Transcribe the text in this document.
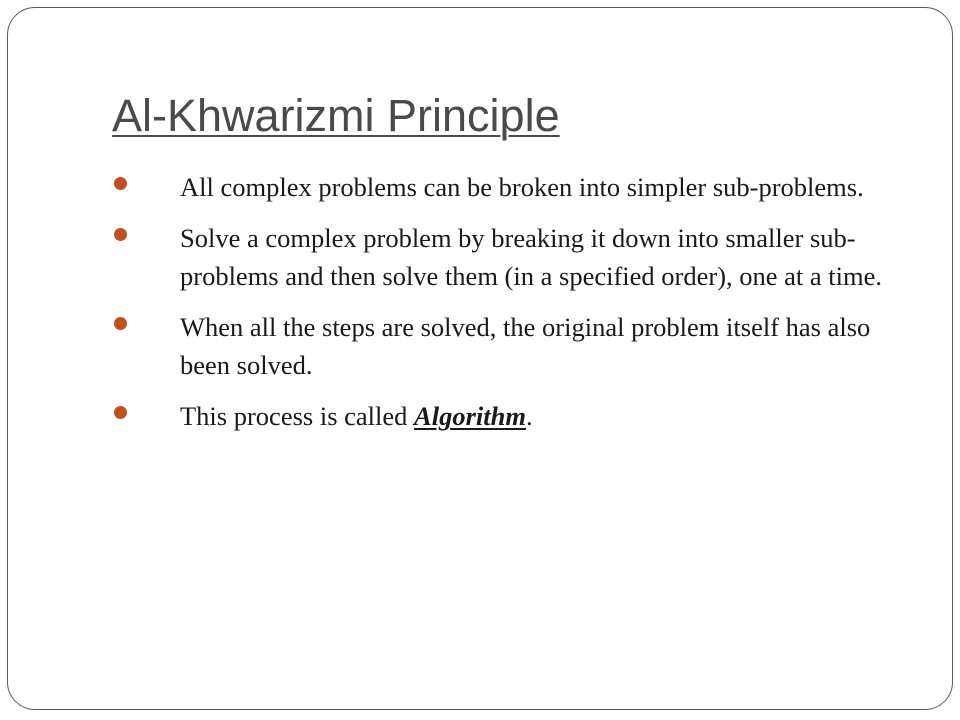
Al-Khwarizmi Principle
All complex problems can be broken into simpler sub-problems.
Solve a complex problem by breaking it down into smaller sub-problems and then solve them (in a specified order), one at a time.
When all the steps are solved, the original problem itself has also been solved.
This process is called Algorithm.
